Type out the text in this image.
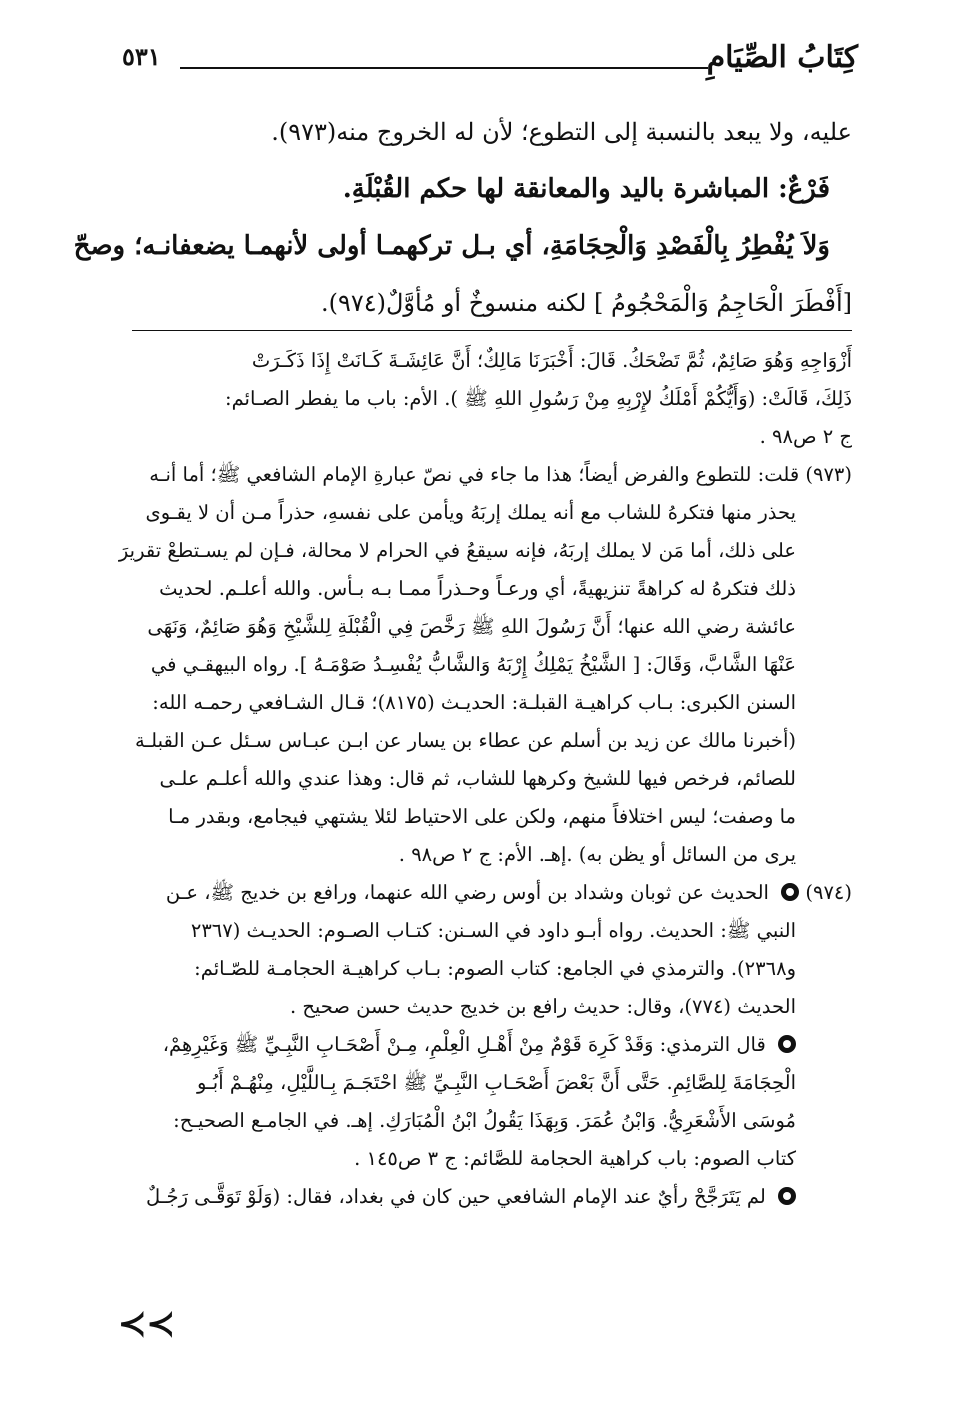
كِتَابُ الصِّيَامِ
٥٣١

عليه، ولا يبعد بالنسبة إلى التطوع؛ لأن له الخروج منه(٩٧٣).

فَرْعٌ: المباشرة باليد والمعانقة لها حكم القُبْلَةِ.

وَلاَ يُفْطِرُ بِالْفَصْدِ وَالْحِجَامَةِ، أي بـل تركهمـا أولى لأنهمـا يضعفانـه؛ وصحّ

[أَفْطَرَ الْحَاجِمُ وَالْمَحْجُومُ ] لكنه منسوخٌ أو مُأوَّلٌ(٩٧٤).

أَزْوَاجِهِ وَهُوَ صَائِمٌ، ثُمَّ تَضْحَكُ. قَالَ: أَخْبَرَنَا مَالِكٌ؛ أَنَّ عَائِشَـةَ كَـانَتْ إِذَا ذَكَـرَتْ
ذَلِكَ، قَالَتْ: (وَأَيُّكُمْ أَمْلَكُ لإِرْبِهِ مِنْ رَسُولِ اللهِ ﷺ ). الأم: باب ما يفطر الصـائم:
ج ٢ ص٩٨ .
(٩٧٣) قلت: للتطوع والفرض أيضاً؛ هذا ما جاء في نصّ عبارةِ الإمام الشافعي ﷺ؛ أما أنـه
يحذر منها فتكرهُ للشاب مع أنه يملك إربَهُ ويأمن على نفسهِ، حذراً مـن أن لا يقـوى
على ذلك، أما مَن لا يملك إربَهُ، فإنه سيقعُ في الحرام لا محالة، فـإن لم يسـتطعْ تقريرَ
ذلك فتكرهُ له كراهةً تنزيهيةً، أي ورعـاً وحـذراً ممـا بـه بـأس. والله أعلـم. لحديث
عائشة رضي الله عنها؛ أَنَّ رَسُولَ اللهِ ﷺ رَخَّصَ فِي الْقُبْلَةِ لِلشَّيْخِ وَهُوَ صَائِمٌ، وَنَهَى
عَنْهَا الشَّابَّ، وَقَالَ: [ الشَّيْخُ يَمْلِكُ إِرْبَهُ وَالشَّابُّ يُفْسِـدُ صَوْمَـهُ ]. رواه البيهقـي في
السنن الكبرى: بـاب كراهيـة القبلـة: الحديـث (٨١٧٥)؛ قـال الشـافعي رحمـه الله:
(أخبرنا مالك عن زيد بن أسلم عن عطاء بن يسار عن ابـن عبـاس سـئل عـن القبلـة
للصائم، فرخص فيها للشيخ وكرهها للشاب، ثم قال: وهذا عندي والله أعلـم علـى
ما وصفت؛ ليس اختلافاً منهم، ولكن على الاحتياط لئلا يشتهي فيجامع، وبقدر مـا
يرى من السائل أو يظن به) .إهـ. الأم: ج ٢ ص٩٨ .
(٩٧٤)  الحديث عن ثوبان وشداد بن أوس رضي الله عنهما، ورافع بن خديج ﷺ، عـن
النبي ﷺ: الحديث. رواه أبـو داود في السـنن: كتـاب الصـوم: الحديـث (٢٣٦٧
و٢٣٦٨). والترمذي في الجامع: كتاب الصوم: بـاب كراهيـة الحجامـة للصّـائم:
الحديث (٧٧٤)، وقال: حديث رافع بن خديج حديث حسن صحيح .
قال الترمذي: وَقَدْ كَرِهَ قَوْمٌ مِنْ أَهْـلِ الْعِلْمِ، مِـنْ أَصْحَـابِ النَّبِـيِّ ﷺ وَغَيْرِهِمْ،
الْحِجَامَةَ لِلصَّائِمِ. حَتَّى أَنَّ بَعْضَ أَصْحَـابِ النَّبِـيِّ ﷺ احْتَجَـمَ بِـاللَّيْلِ، مِنْهُـمْ أَبُـو
مُوسَى الأَشْعَرِيُّ. وَابْنُ عُمَرَ. وَبِهَذَا يَقُولُ ابْنُ الْمُبَارَكِ. إهـ. في الجامـع الصحيـح:
كتاب الصوم: باب كراهية الحجامة للصَّائم: ج ٣ ص١٤٥ .
لم يَتَرَجَّحْ رأيٌ عند الإمام الشافعي حين كان في بغداد، فقال: (وَلَوْ تَوَقَّـى رَجُـلٌ
≺≺
